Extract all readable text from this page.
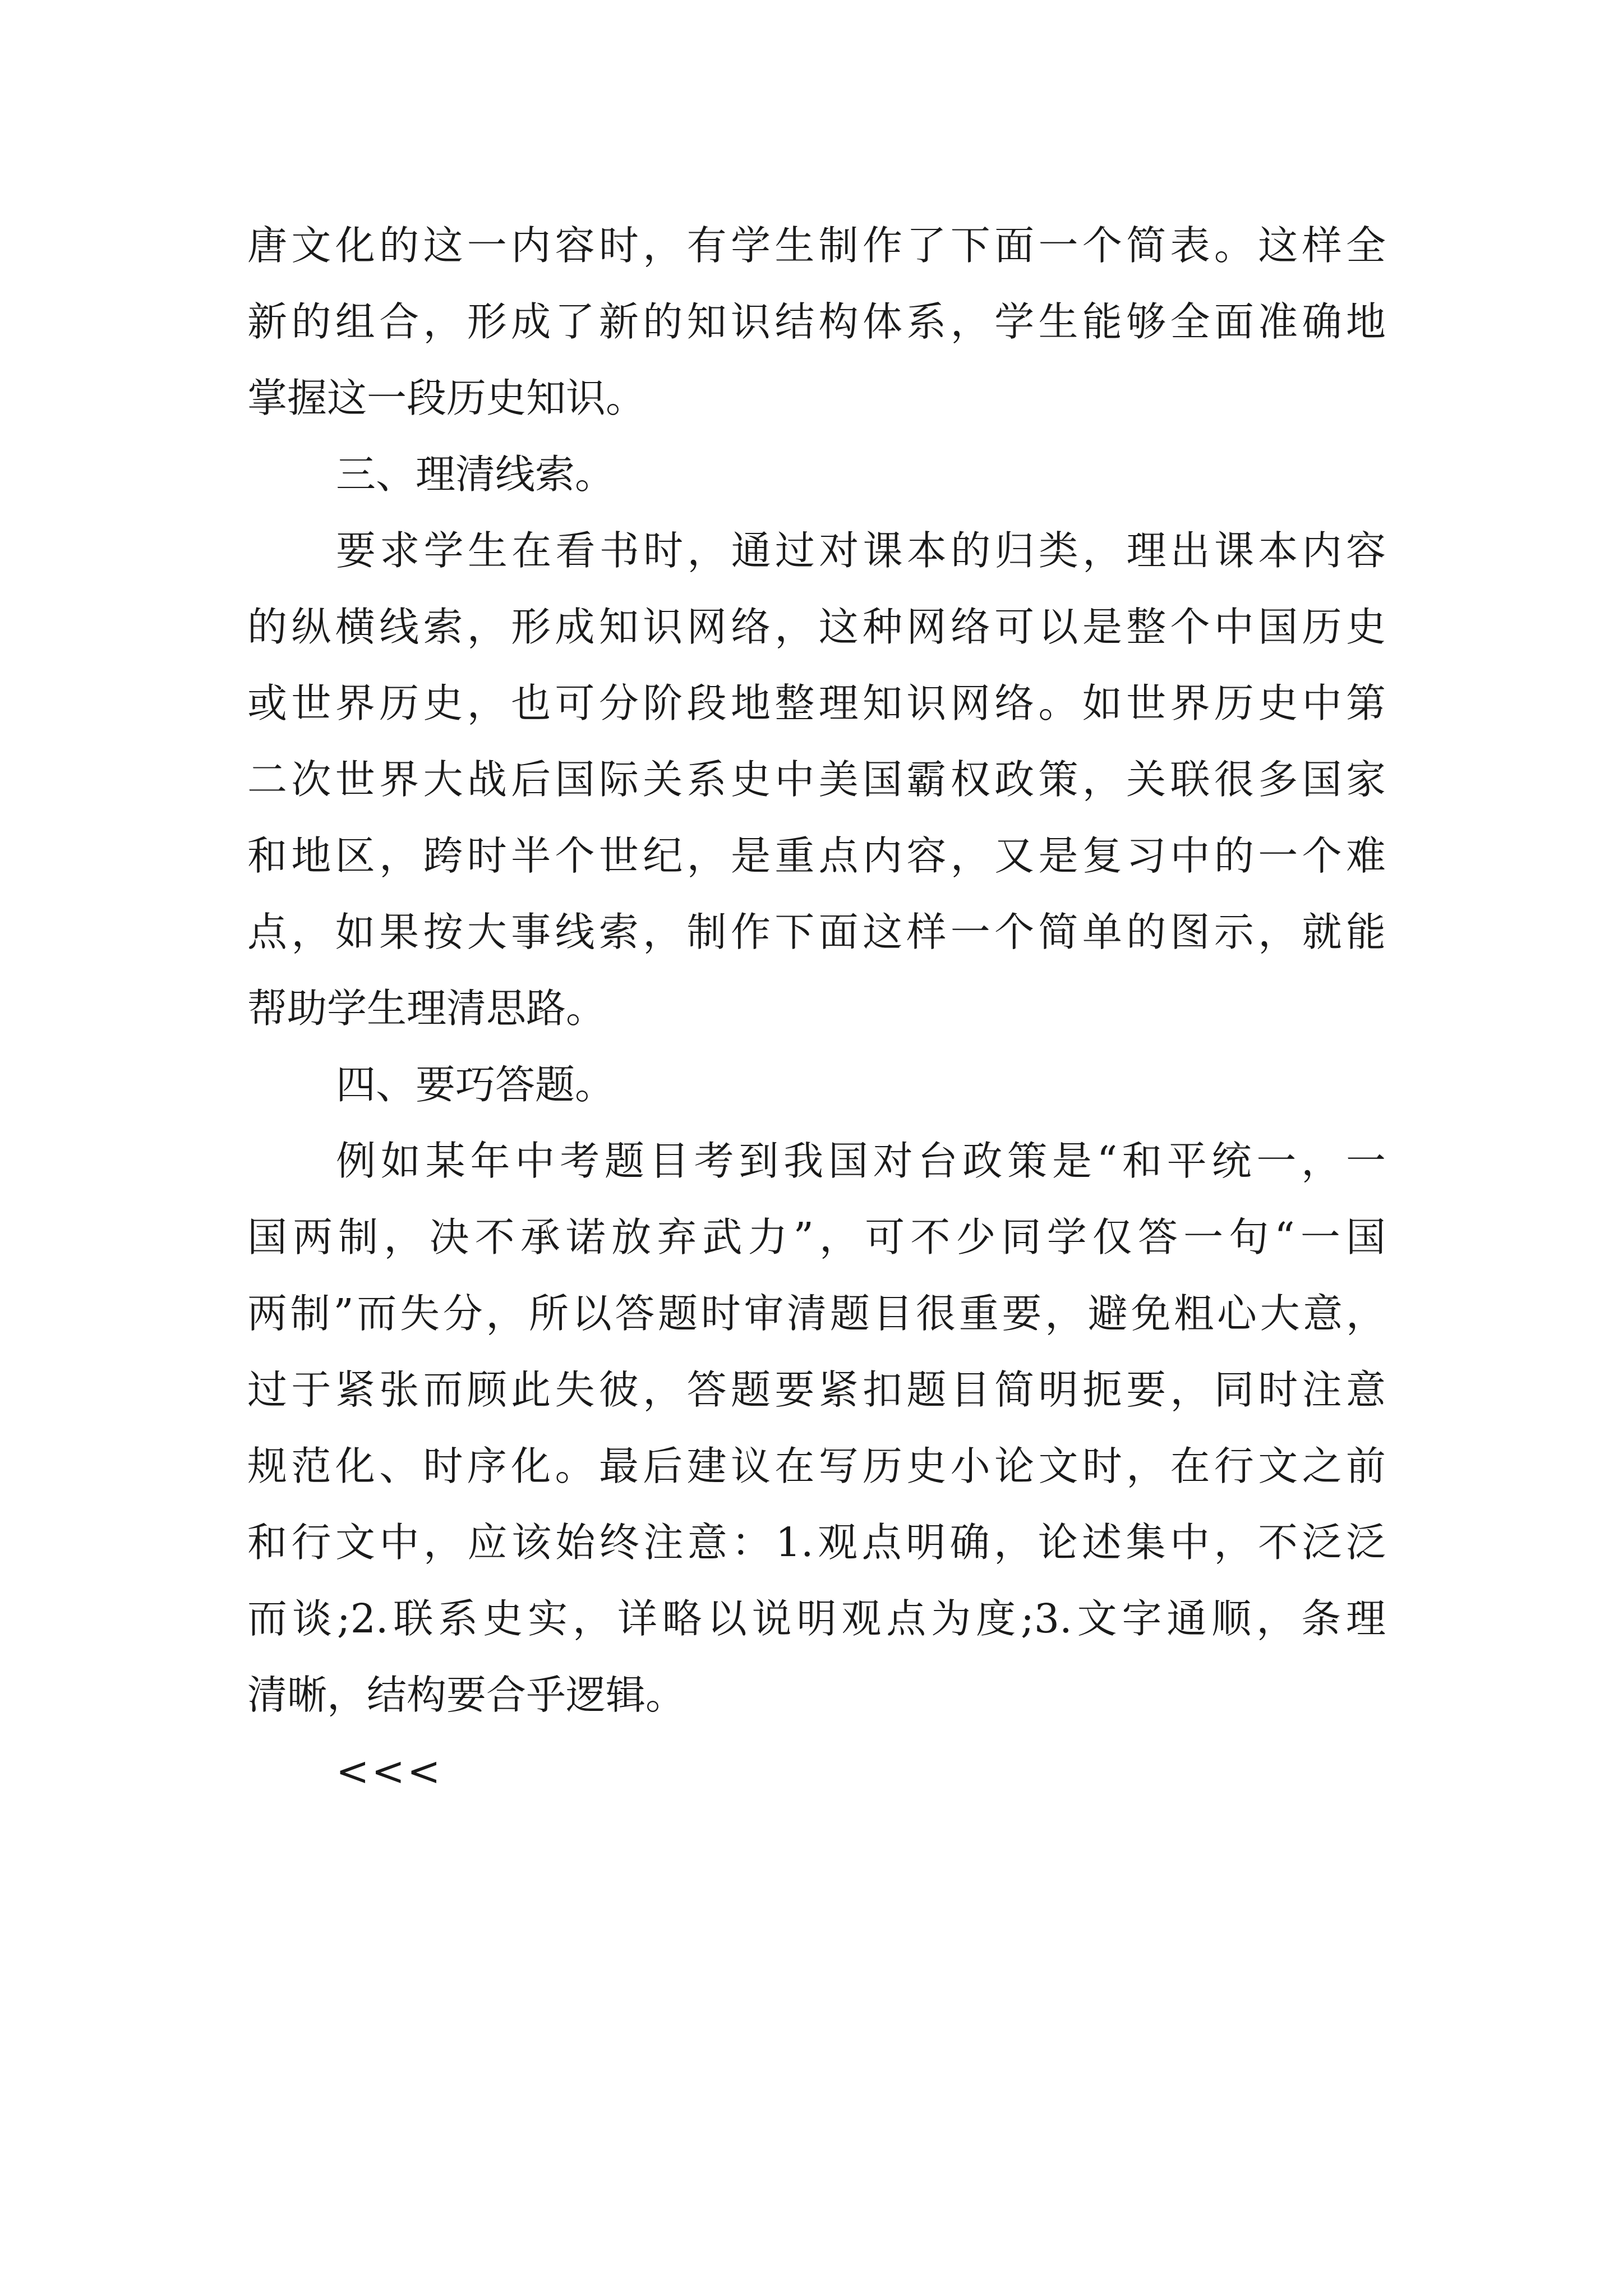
唐文化的这一内容时，有学生制作了下面一个简表。这样全
新的组合，形成了新的知识结构体系，学生能够全面准确地
掌握这一段历史知识。
三、理清线索。
要求学生在看书时，通过对课本的归类，理出课本内容
的纵横线索，形成知识网络，这种网络可以是整个中国历史
或世界历史，也可分阶段地整理知识网络。如世界历史中第
二次世界大战后国际关系史中美国霸权政策，关联很多国家
和地区，跨时半个世纪，是重点内容，又是复习中的一个难
点，如果按大事线索，制作下面这样一个简单的图示，就能
帮助学生理清思路。
四、要巧答题。
例如某年中考题目考到我国对台政策是“和平统一，一
国两制，决不承诺放弃武力”，可不少同学仅答一句“一国
两制”而失分，所以答题时审清题目很重要，避免粗心大意，
过于紧张而顾此失彼，答题要紧扣题目简明扼要，同时注意
规范化、时序化。最后建议在写历史小论文时，在行文之前
和行文中，应该始终注意：1.观点明确，论述集中，不泛泛
而谈;2.联系史实，详略以说明观点为度;3.文字通顺，条理
清晰，结构要合乎逻辑。
<<<
